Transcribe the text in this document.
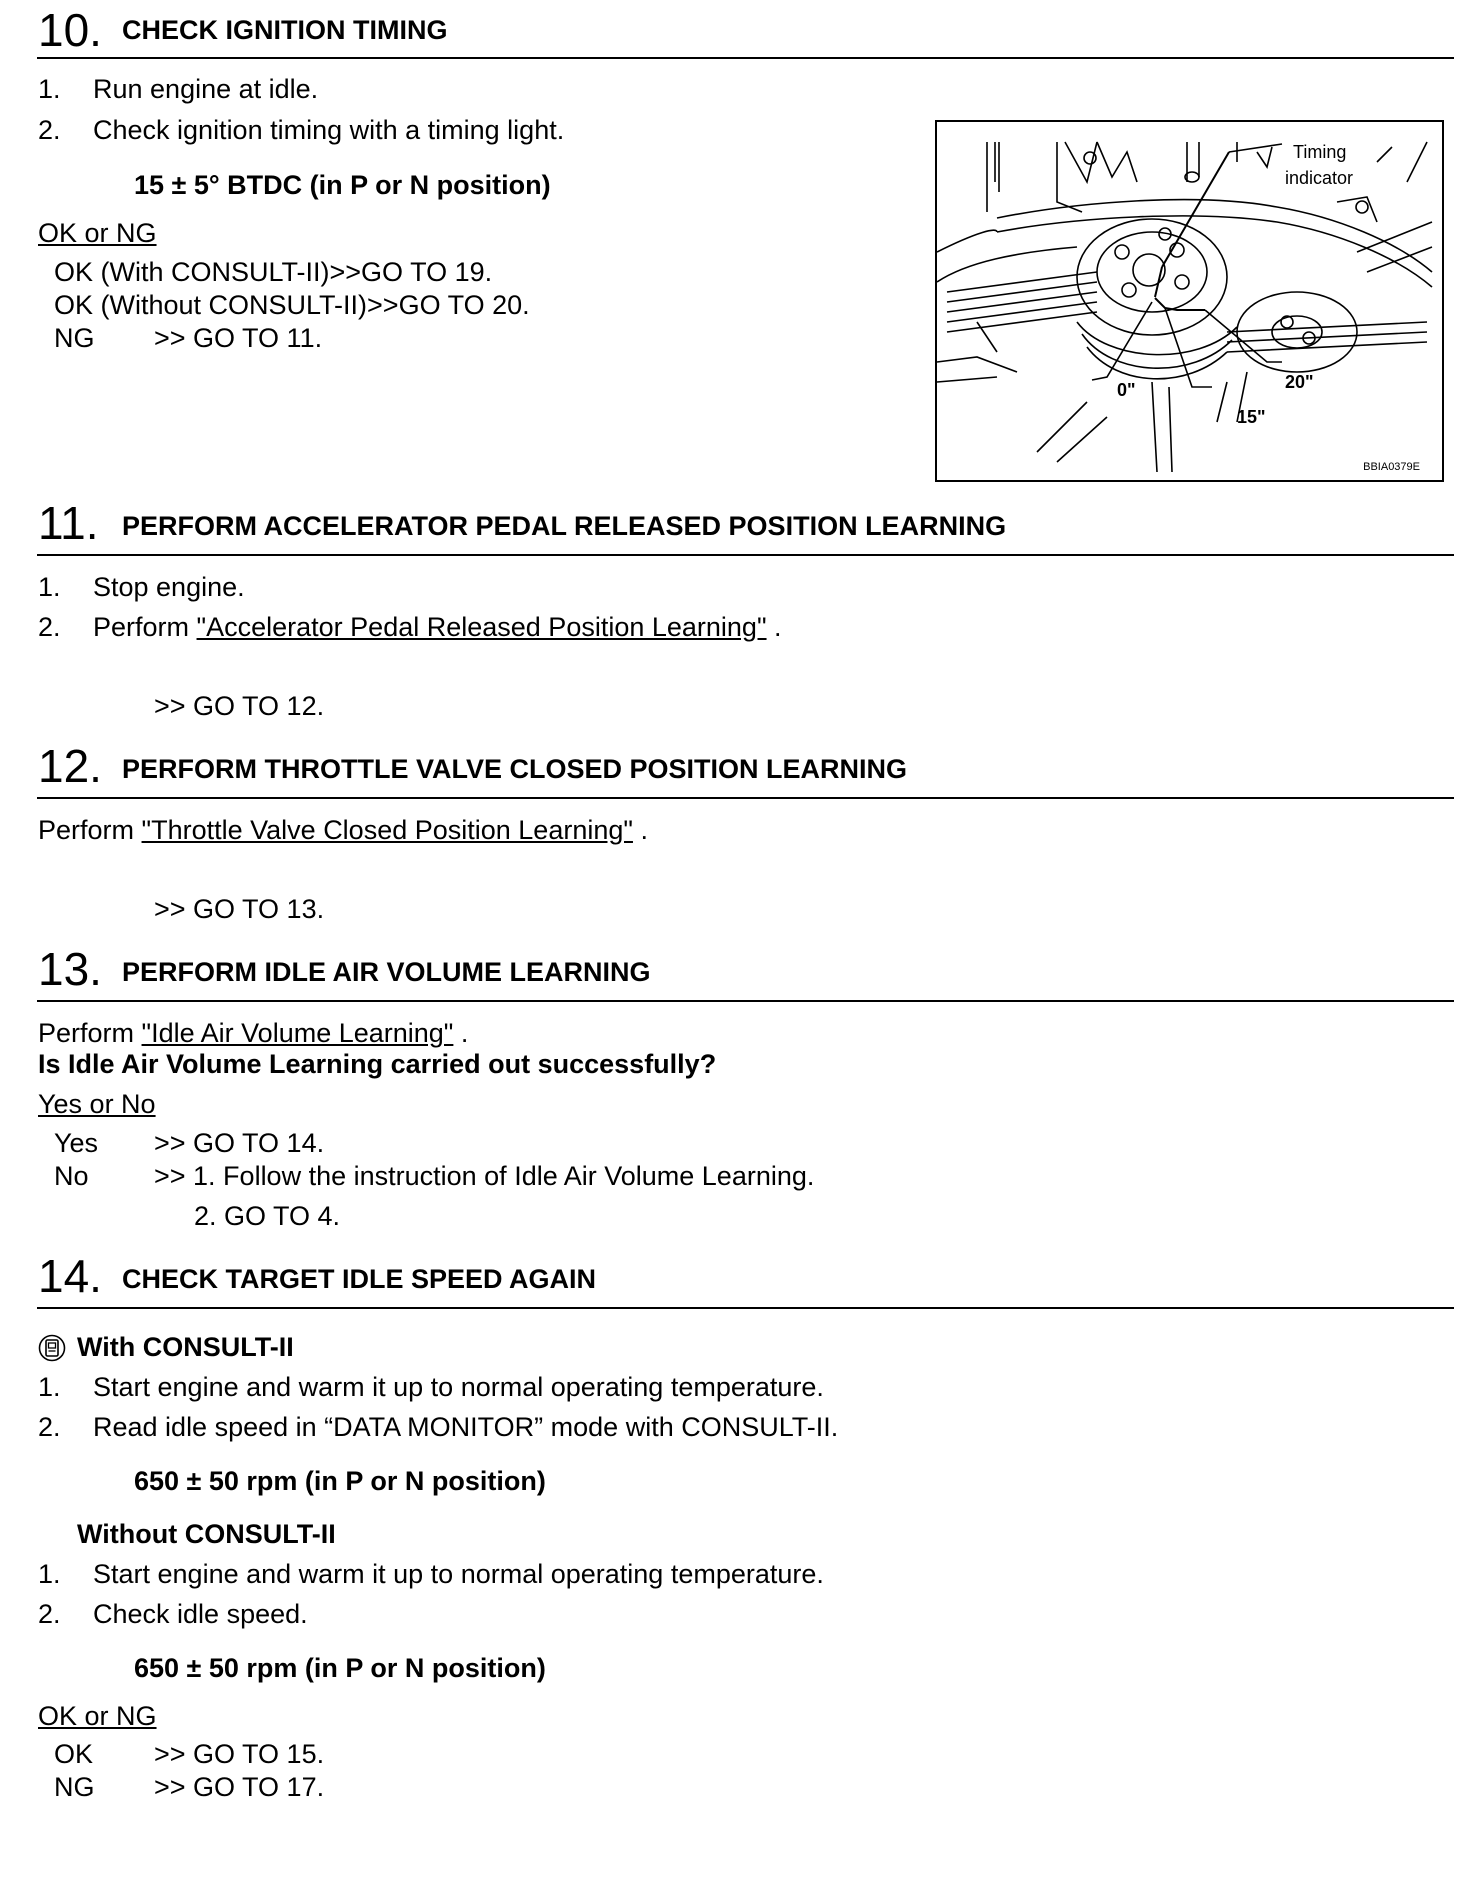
10. CHECK IGNITION TIMING
1. Run engine at idle.
2. Check ignition timing with a timing light.
15 ± 5° BTDC (in P or N position)
OK or NG
OK (With CONSULT-II)>>GO TO 19.
OK (Without CONSULT-II)>>GO TO 20.
NG >> GO TO 11.
Timing
indicator
0"
15"
20"
BBIA0379E
11. PERFORM ACCELERATOR PEDAL RELEASED POSITION LEARNING
1. Stop engine.
2. Perform "Accelerator Pedal Released Position Learning" .
>> GO TO 12.
12. PERFORM THROTTLE VALVE CLOSED POSITION LEARNING
Perform "Throttle Valve Closed Position Learning" .
>> GO TO 13.
13. PERFORM IDLE AIR VOLUME LEARNING
Perform "Idle Air Volume Learning" .
Is Idle Air Volume Learning carried out successfully?
Yes or No
Yes >> GO TO 14.
No >> 1. Follow the instruction of Idle Air Volume Learning.
2. GO TO 4.
14. CHECK TARGET IDLE SPEED AGAIN
With CONSULT-II
1. Start engine and warm it up to normal operating temperature.
2. Read idle speed in “DATA MONITOR” mode with CONSULT-II.
650 ± 50 rpm (in P or N position)
Without CONSULT-II
1. Start engine and warm it up to normal operating temperature.
2. Check idle speed.
650 ± 50 rpm (in P or N position)
OK or NG
OK >> GO TO 15.
NG >> GO TO 17.
